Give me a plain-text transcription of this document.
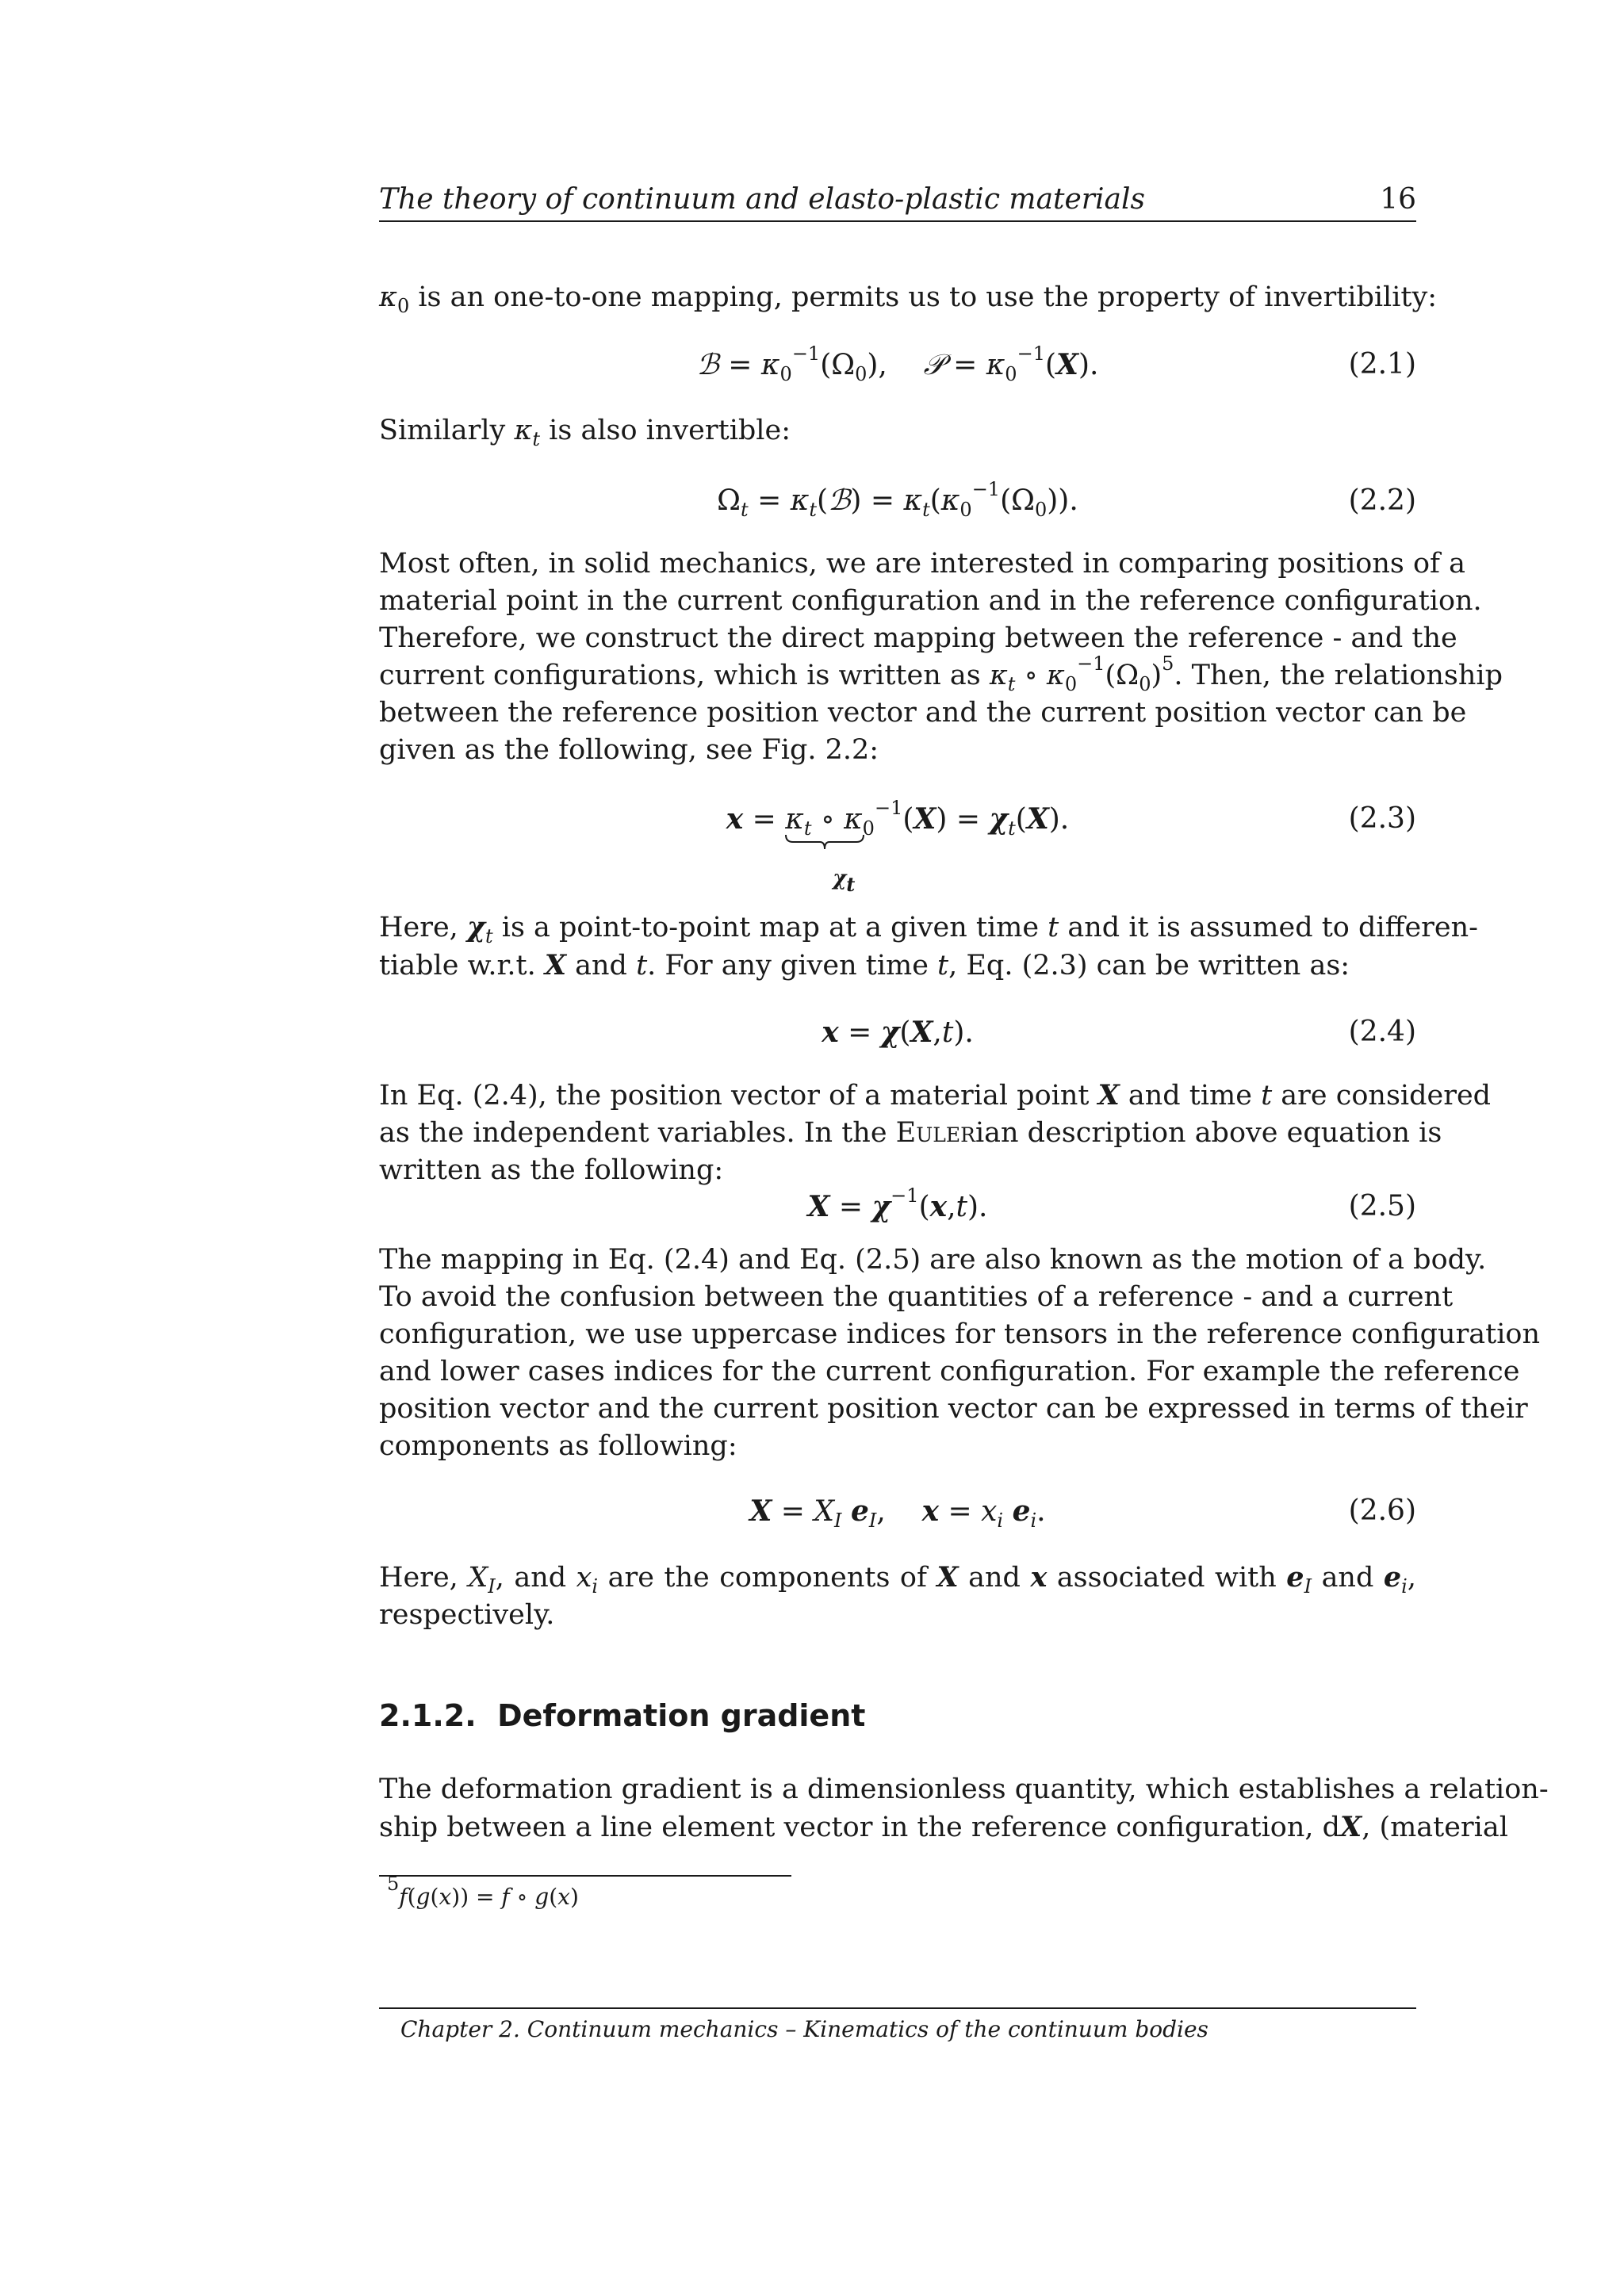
The theory of continuum and elasto-plastic materials	16
$\kappa_0$ is an one-to-one mapping, permits us to use the property of invertibility:
ℬ = $\kappa_0^{-1}(\Omega_0)$,    𝒫 = $\kappa_0^{-1}(X)$.	(2.1)
Similarly $\kappa_t$ is also invertible:
$\Omega_t$ = $\kappa_t(ℬ) = \kappa_t(\kappa_0^{-1}(\Omega_0))$.	(2.2)
Most often, in solid mechanics, we are interested in comparing positions of a
material point in the current configuration and in the reference configuration.
Therefore, we construct the direct mapping between the reference - and the
current configurations, which is written as $\kappa_t$ ∘ $\kappa_0^{-1}(\Omega_0)^5$. Then, the relationship
between the reference position vector and the current position vector can be
given as the following, see Fig. 2.2:
$x = \kappa_t$ ∘ $\kappa_0^{-1}$
$\chi_t$
$(X) = \chi_t(X)$.	(2.3)
Here, $\chi_t$ is a point-to-point map at a given time t and it is assumed to differen-
tiable w.r.t. X and t. For any given time t, Eq. (2.3) can be written as:
x = χ(X,t).	(2.4)
In Eq. (2.4), the position vector of a material point X and time t are considered
as the independent variables. In the Eulerian description above equation is
written as the following:
$X = \chi^{-1}(x,t)$.	(2.5)
The mapping in Eq. (2.4) and Eq. (2.5) are also known as the motion of a body.
To avoid the confusion between the quantities of a reference - and a current
configuration, we use uppercase indices for tensors in the reference configuration
and lower cases indices for the current configuration. For example the reference
position vector and the current position vector can be expressed in terms of their
components as following:
$X = X_I$ $e_I$,    $x = x_i$ $e_i$.	(2.6)
Here, $X_I$, and $x_i$ are the components of X and x associated with $e_I$ and $e_i$,
respectively.
2.1.2. Deformation gradient
The deformation gradient is a dimensionless quantity, which establishes a relation-
ship between a line element vector in the reference configuration, dX, (material
$^5$f(g(x)) = f ∘ g(x)
Chapter 2. Continuum mechanics – Kinematics of the continuum bodies
